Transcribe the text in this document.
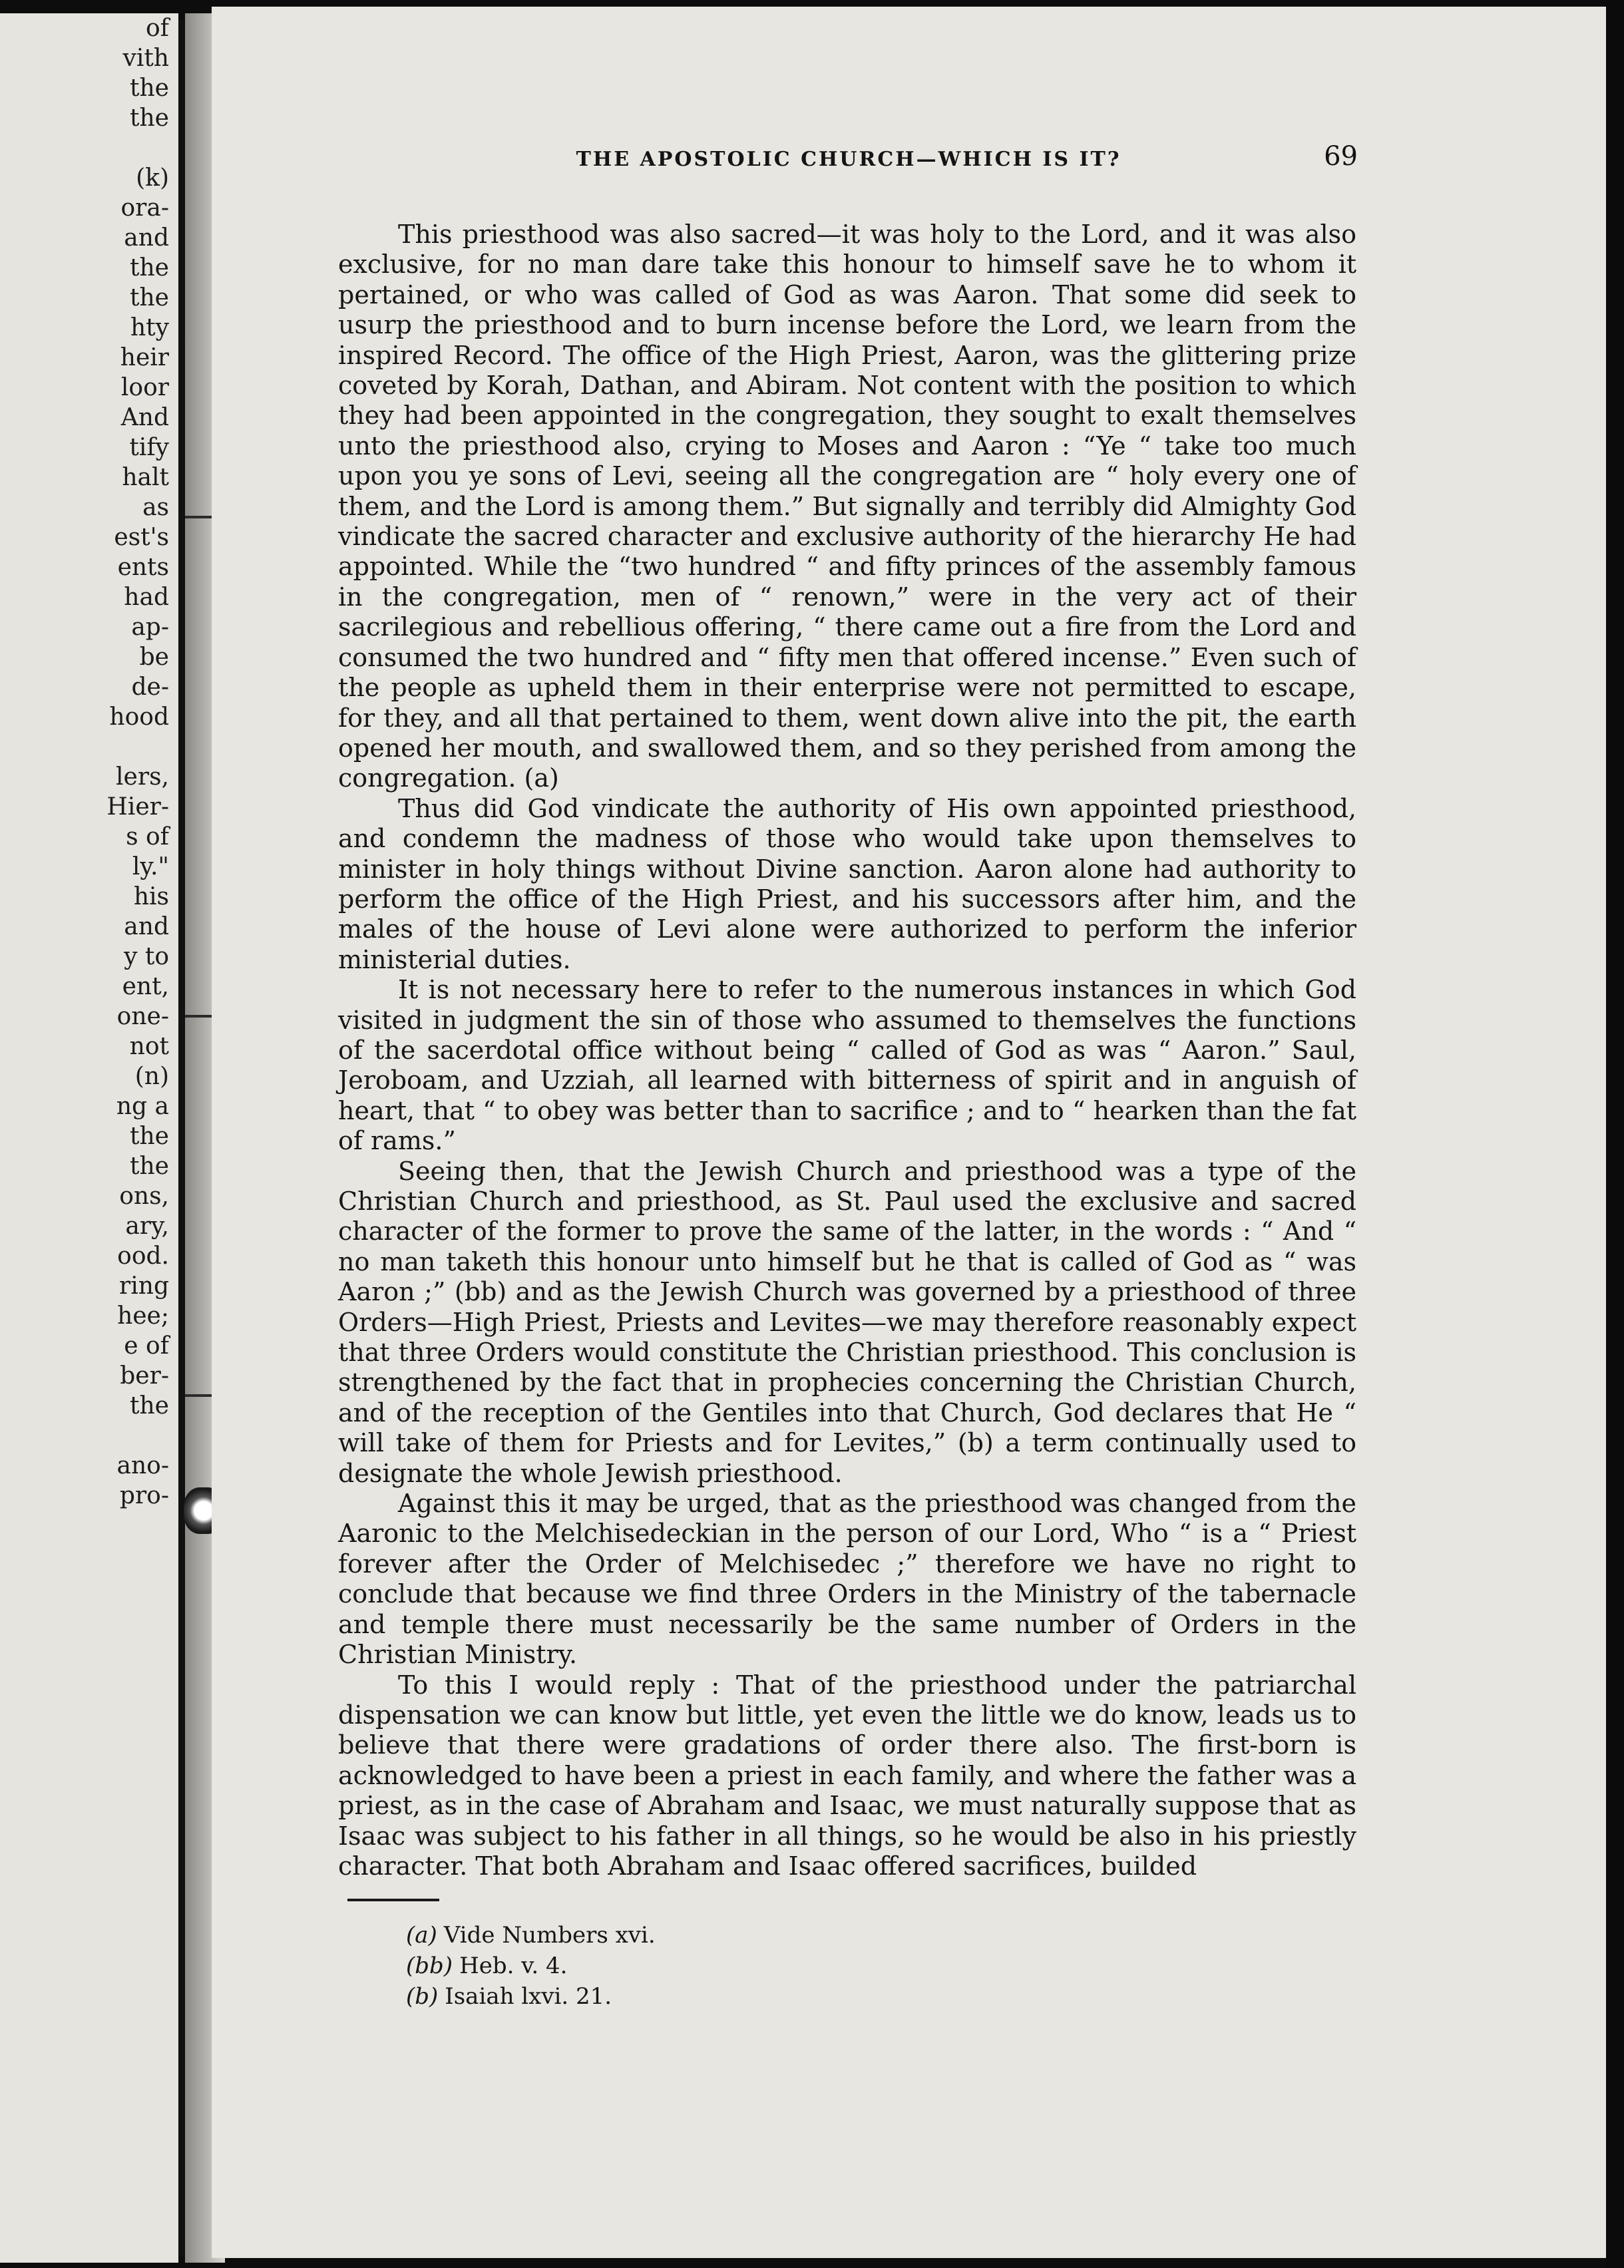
of
vith
the
the
(k)
ora-
and
the
the
hty
heir
loor
And
tify
halt
as
est's
ents
had
ap-
be
de-
hood
lers,
Hier-
s of
ly."
his
and
y to
ent,
one-
not
(n)
ng a
the
the
ons,
ary,
ood.
ring
hee;
e of
ber-
the
ano-
pro-
THE APOSTOLIC CHURCH—WHICH IS IT?	69

This priesthood was also sacred—it was holy to the Lord, and it was also exclusive, for no man dare take this honour to himself save he to whom it pertained, or who was called of God as was Aaron. That some did seek to usurp the priesthood and to burn incense before the Lord, we learn from the inspired Record. The office of the High Priest, Aaron, was the glittering prize coveted by Korah, Dathan, and Abiram. Not content with the position to which they had been appointed in the congregation, they sought to exalt themselves unto the priesthood also, crying to Moses and Aaron : “Ye “ take too much upon you ye sons of Levi, seeing all the congregation are “ holy every one of them, and the Lord is among them.” But signally and terribly did Almighty God vindicate the sacred character and exclusive authority of the hierarchy He had appointed. While the “two hundred “ and fifty princes of the assembly famous in the congregation, men of “ renown,” were in the very act of their sacrilegious and rebellious offering, “ there came out a fire from the Lord and consumed the two hundred and “ fifty men that offered incense.” Even such of the people as upheld them in their enterprise were not permitted to escape, for they, and all that pertained to them, went down alive into the pit, the earth opened her mouth, and swallowed them, and so they perished from among the congregation. (a)

Thus did God vindicate the authority of His own appointed priesthood, and condemn the madness of those who would take upon themselves to minister in holy things without Divine sanction. Aaron alone had authority to perform the office of the High Priest, and his successors after him, and the males of the house of Levi alone were authorized to perform the inferior ministerial duties.

It is not necessary here to refer to the numerous instances in which God visited in judgment the sin of those who assumed to themselves the functions of the sacerdotal office without being “ called of God as was “ Aaron.” Saul, Jeroboam, and Uzziah, all learned with bitterness of spirit and in anguish of heart, that “ to obey was better than to sacrifice ; and to “ hearken than the fat of rams.”

Seeing then, that the Jewish Church and priesthood was a type of the Christian Church and priesthood, as St. Paul used the exclusive and sacred character of the former to prove the same of the latter, in the words : “ And “ no man taketh this honour unto himself but he that is called of God as “ was Aaron ;” (bb) and as the Jewish Church was governed by a priesthood of three Orders—High Priest, Priests and Levites—we may therefore reasonably expect that three Orders would constitute the Christian priesthood. This conclusion is strengthened by the fact that in prophecies concerning the Christian Church, and of the reception of the Gentiles into that Church, God declares that He “ will take of them for Priests and for Levites,” (b) a term continually used to designate the whole Jewish priesthood.

Against this it may be urged, that as the priesthood was changed from the Aaronic to the Melchisedeckian in the person of our Lord, Who “ is a “ Priest forever after the Order of Melchisedec ;” therefore we have no right to conclude that because we find three Orders in the Ministry of the tabernacle and temple there must necessarily be the same number of Orders in the Christian Ministry.

To this I would reply : That of the priesthood under the patriarchal dispensation we can know but little, yet even the little we do know, leads us to believe that there were gradations of order there also. The first-born is acknowledged to have been a priest in each family, and where the father was a priest, as in the case of Abraham and Isaac, we must naturally suppose that as Isaac was subject to his father in all things, so he would be also in his priestly character. That both Abraham and Isaac offered sacrifices, builded

(a) Vide Numbers xvi.
(bb) Heb. v. 4.
(b) Isaiah lxvi. 21.
